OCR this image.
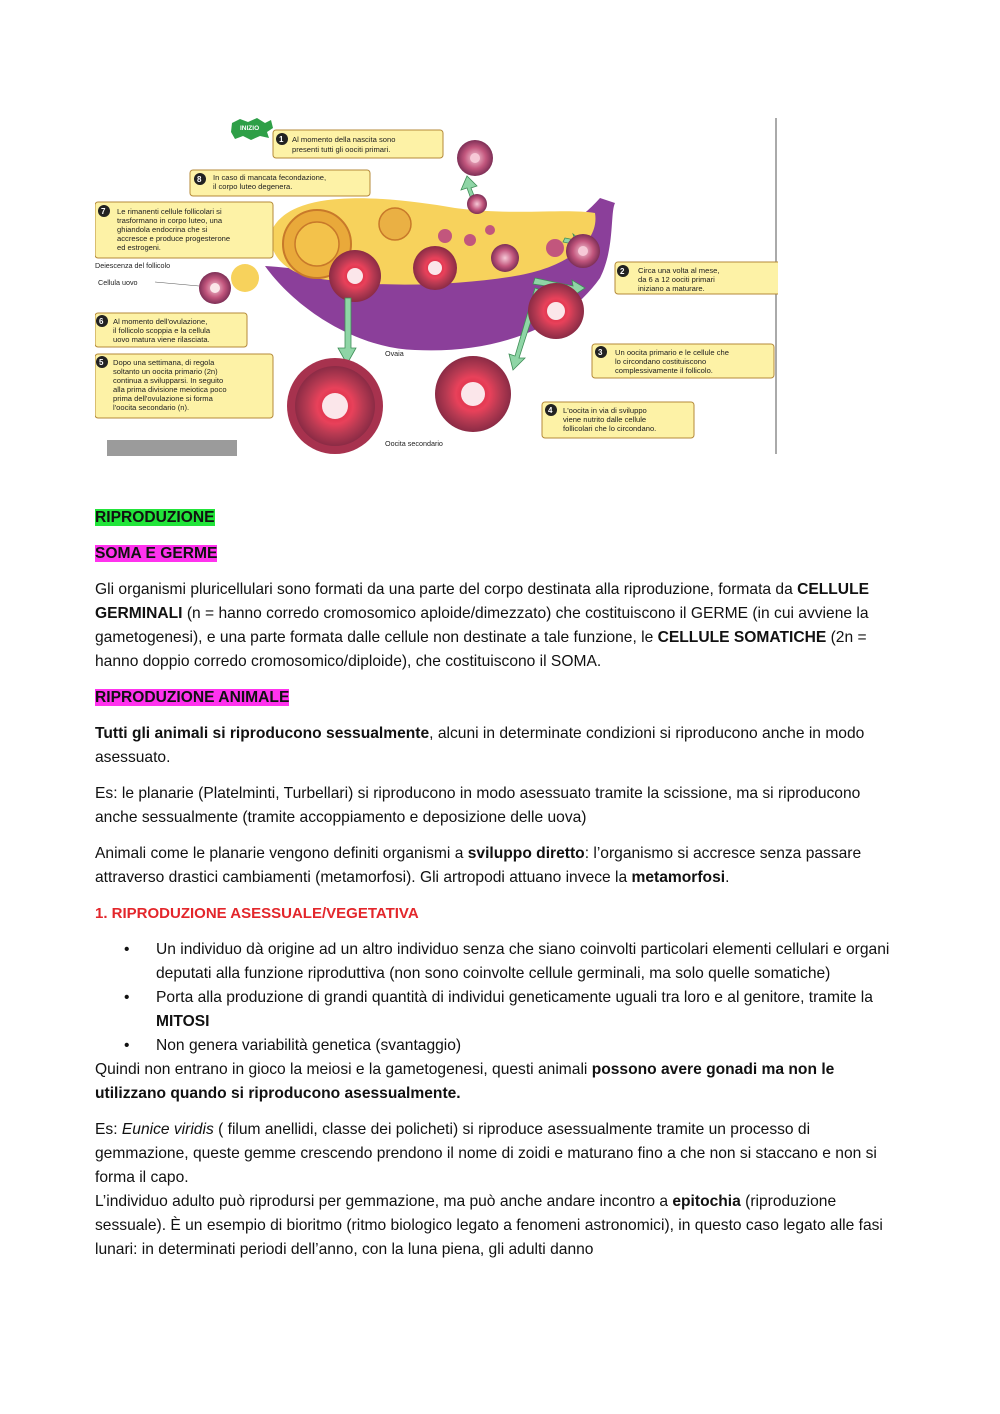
Ovaia
Oocita secondario
Deiescenza del follicolo
Cellula uovo
INIZIO
1 Al momento della nascita sono
presenti tutti gli oociti primari.
8 In caso di mancata fecondazione,
il corpo luteo degenera.
7 Le rimanenti cellule follicolari si
trasformano in corpo luteo, una
ghiandola endocrina che si
accresce e produce progesterone
ed estrogeni.
2 Circa una volta al mese,
da 6 a 12 oociti primari
iniziano a maturare.
6 Al momento dell'ovulazione,
il follicolo scoppia e la cellula
uovo matura viene rilasciata.
3 Un oocita primario e le cellule che
lo circondano costituiscono
complessivamente il follicolo.
5 Dopo una settimana, di regola
soltanto un oocita primario (2n)
continua a svilupparsi. In seguito
alla prima divisione meiotica poco
prima dell'ovulazione si forma
l'oocita secondario (n).	4 L'oocita in via di sviluppo
viene nutrito dalle cellule
follicolari che lo circondano.

RIPRODUZIONE

SOMA E GERME

Gli organismi pluricellulari sono formati da una parte del corpo destinata alla riproduzione, formata da CELLULE GERMINALI (n = hanno corredo cromosomico aploide/dimezzato) che costituiscono il GERME (in cui avviene la gametogenesi), e una parte formata dalle cellule non destinate a tale funzione, le CELLULE SOMATICHE (2n = hanno doppio corredo cromosomico/diploide), che costituiscono il SOMA.

RIPRODUZIONE ANIMALE

Tutti gli animali si riproducono sessualmente, alcuni in determinate condizioni si riproducono anche in modo asessuato.

Es: le planarie (Platelminti, Turbellari) si riproducono in modo asessuato tramite la scissione, ma si riproducono anche sessualmente (tramite accoppiamento e deposizione delle uova)

Animali come le planarie vengono definiti organismi a sviluppo diretto: l’organismo si accresce senza passare attraverso drastici cambiamenti (metamorfosi). Gli artropodi attuano invece la metamorfosi.

1. RIPRODUZIONE ASESSUALE/VEGETATIVA

• Un individuo dà origine ad un altro individuo senza che siano coinvolti particolari elementi cellulari e organi deputati alla funzione riproduttiva (non sono coinvolte cellule germinali, ma solo quelle somatiche)
• Porta alla produzione di grandi quantità di individui geneticamente uguali tra loro e al genitore, tramite la MITOSI
• Non genera variabilità genetica (svantaggio)

Quindi non entrano in gioco la meiosi e la gametogenesi, questi animali possono avere gonadi ma non le utilizzano quando si riproducono asessualmente.

Es: Eunice viridis ( filum anellidi, classe dei policheti) si riproduce asessualmente tramite un processo di gemmazione, queste gemme crescendo prendono il nome di zoidi e maturano fino a che non si staccano e non si forma il capo.

L’individuo adulto può riprodursi per gemmazione, ma può anche andare incontro a epitochia (riproduzione sessuale). È un esempio di bioritmo (ritmo biologico legato a fenomeni astronomici), in questo caso legato alle fasi lunari: in determinati periodi dell’anno, con la luna piena, gli adulti danno
